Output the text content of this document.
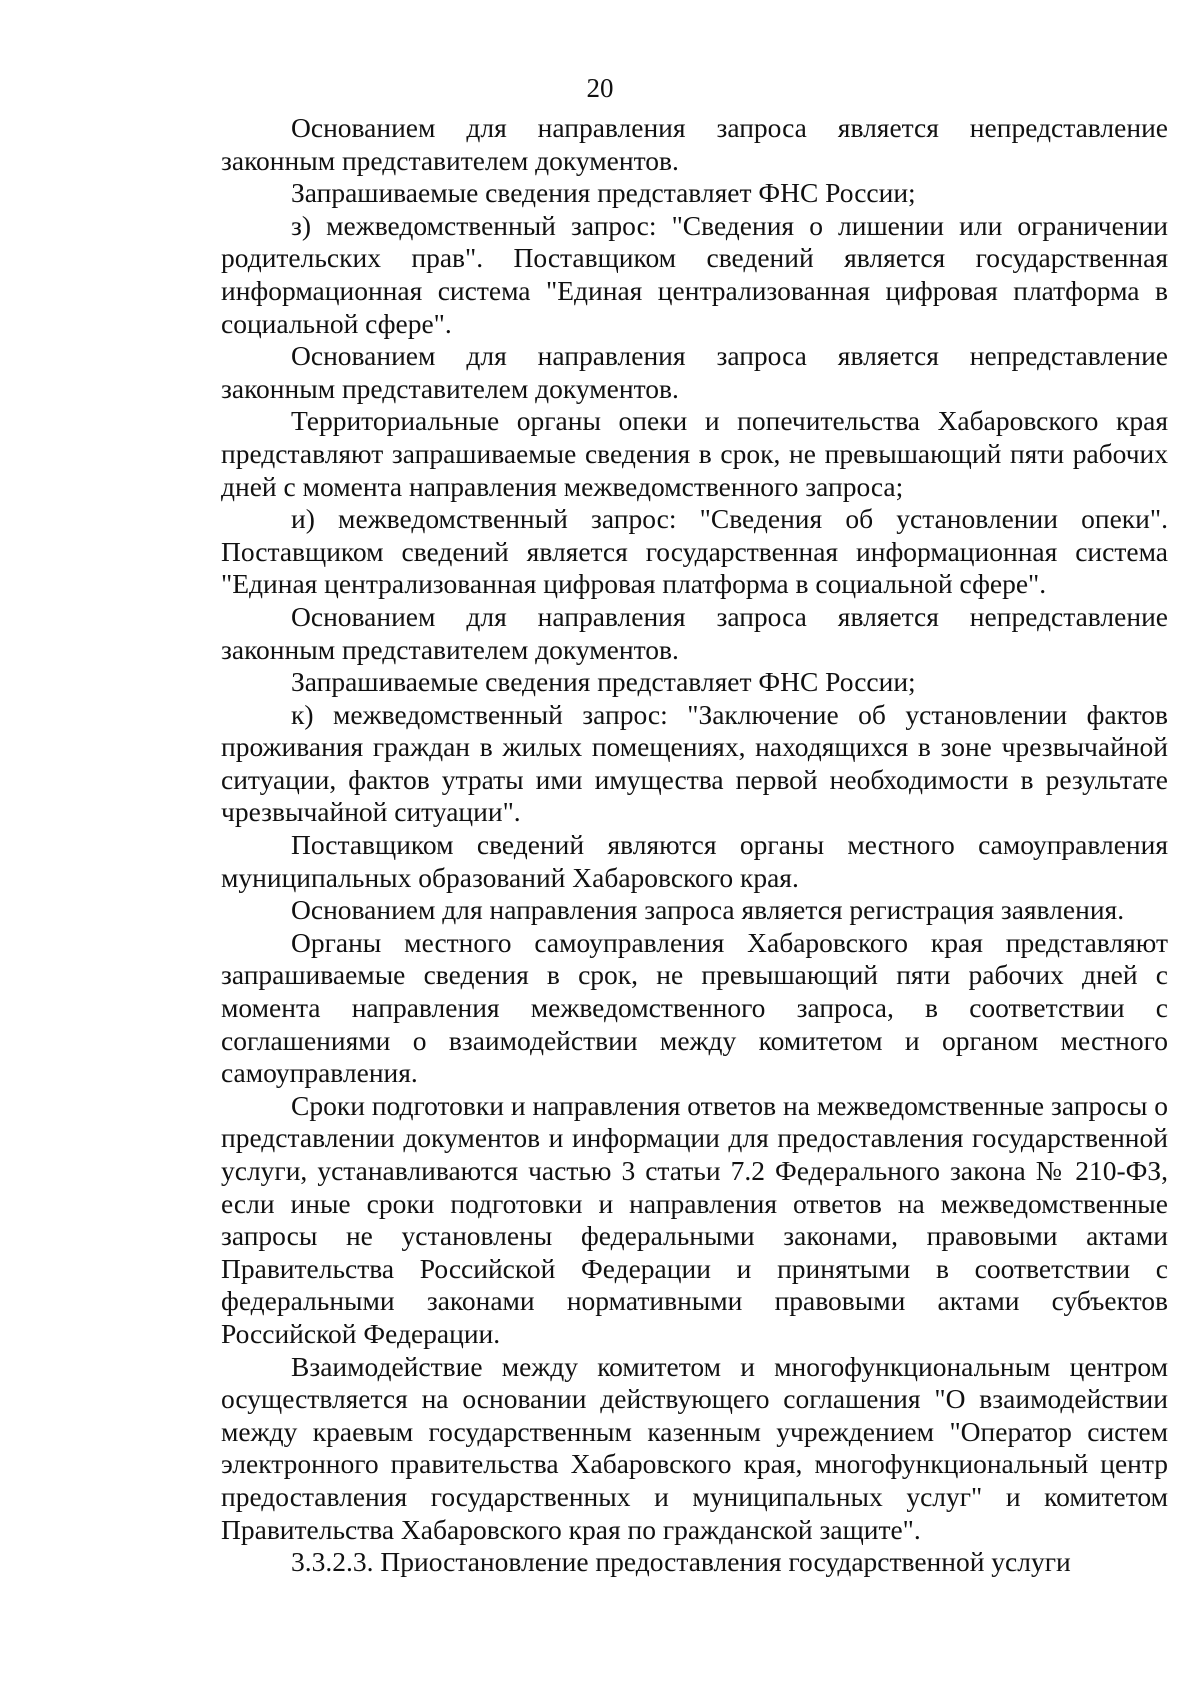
20

Основанием для направления запроса является непредставление законным представителем документов.

Запрашиваемые сведения представляет ФНС России;

з) межведомственный запрос: "Сведения о лишении или ограничении родительских прав". Поставщиком сведений является государственная информационная система "Единая централизованная цифровая платформа в социальной сфере".

Основанием для направления запроса является непредставление законным представителем документов.

Территориальные органы опеки и попечительства Хабаровского края представляют запрашиваемые сведения в срок, не превышающий пяти рабочих дней с момента направления межведомственного запроса;

и) межведомственный запрос: "Сведения об установлении опеки". Поставщиком сведений является государственная информационная система "Единая централизованная цифровая платформа в социальной сфере".

Основанием для направления запроса является непредставление законным представителем документов.

Запрашиваемые сведения представляет ФНС России;

к) межведомственный запрос: "Заключение об установлении фактов проживания граждан в жилых помещениях, находящихся в зоне чрезвычайной ситуации, фактов утраты ими имущества первой необходимости в результате чрезвычайной ситуации".

Поставщиком сведений являются органы местного самоуправления муниципальных образований Хабаровского края.

Основанием для направления запроса является регистрация заявления.

Органы местного самоуправления Хабаровского края представляют запрашиваемые сведения в срок, не превышающий пяти рабочих дней с момента направления межведомственного запроса, в соответствии с соглашениями о взаимодействии между комитетом и органом местного самоуправления.

Сроки подготовки и направления ответов на межведомственные запросы о представлении документов и информации для предоставления государственной услуги, устанавливаются частью 3 статьи 7.2 Федерального закона № 210-ФЗ, если иные сроки подготовки и направления ответов на межведомственные запросы не установлены федеральными законами, правовыми актами Правительства Российской Федерации и принятыми в соответствии с федеральными законами нормативными правовыми актами субъектов Российской Федерации.

Взаимодействие между комитетом и многофункциональным центром осуществляется на основании действующего соглашения "О взаимодействии между краевым государственным казенным учреждением "Оператор систем электронного правительства Хабаровского края, многофункциональный центр предоставления государственных и муниципальных услуг" и комитетом Правительства Хабаровского края по гражданской защите".

3.3.2.3. Приостановление предоставления государственной услуги
